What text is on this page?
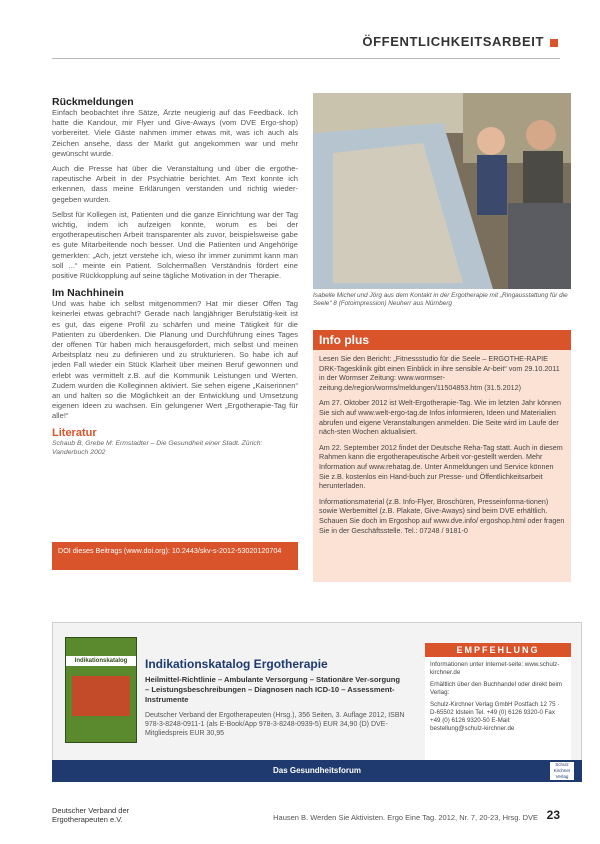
ÖFFENTLICHKEITSARBEIT
Rückmeldungen

Einfach beobachtet ihre Sätze, Ärzte neugierig auf das Feedback. Ich hatte die Kandour, mir Flyer und Give-Aways (vom DVE Ergo-shop) vorbereitet. Viele Gäste nahmen immer etwas mit, was ich auch als Zeichen ansehe, dass der Markt gut angekommen war und mehr gewünscht wurde.

Auch die Presse hat über die Veranstaltung und über die ergothe-rapeutische Arbeit in der Psychiatrie berichtet. Am Text konnte ich erkennen, dass meine Erklärungen verstanden und richtig wieder-gegeben wurden.

Selbst für Kollegen ist, Patienten und die ganze Einrichtung war der Tag wichtig, indem ich aufzeigen konnte, worum es bei der ergotherapeutischen Arbeit transparenter als zuvor, beispielsweise gabe es gute Mitarbeitende noch besser. Und die Patienten und Angehörige gemerkten: „Ach, jetzt verstehe ich, wieso ihr immer zunimmt kann man soll ...“ meinte ein Patient. Solchermaßen Verständnis fördert eine positive Rückkopplung auf seine tägliche Motivation in der Therapie.

Im Nachhinein

Und was habe ich selbst mitgenommen? Hat mir dieser Offen Tag keinerlei etwas gebracht? Gerade nach langjähriger Berufstätig-keit ist es gut, das eigene Profil zu schärfen und meine Tätigkeit für die Patienten zu überdenken. Die Planung und Durchführung eines Tages der offenen Tür haben mich herausgefordert, mich selbst und meinen Arbeitsplatz neu zu definieren und zu strukturieren. So habe ich auf jeden Fall wieder ein Stück Klarheit über meinen Beruf gewonnen und erlebt was vermittelt z.B. auf die Kommunik Leistungen und Werten. Zudem wurden die Kolleginnen aktiviert. Sie sehen eigene „Kaiserinnen“ an und halten so die Möglichkeit an der Entwicklung und Umsetzung eigenen Ideen zu wachsen. Ein gelungener Wert „Ergotherapie-Tag für alle!“

Literatur
Schaub B, Grebe M: Ermstadter – Die Gesundheit einer Stadt. Zürich: Vanderbuch 2002
DOI dieses Beitrags (www.doi.org): 10.2443/skv-s-2012-53020120704
Isabelle Michel und Jörg aus dem Kontakt in der Ergotherapie mit „Ringausstattung für die Seele“ 8 (Fotoimpression) Neuherr aus Nürnberg
Info plus

Lesen Sie den Bericht: „Fitnessstudio für die Seele – ERGOTHE-RAPIE DRK-Tagesklinik gibt einen Einblick in ihre sensible Ar-beit“ vom 29.10.2011 in der Wormser Zeitung: www.wormser-zeitung.de/region/worms/meldungen/11504853.htm (31.5.2012)

Am 27. Oktober 2012 ist Welt-Ergotherapie-Tag. Wie im letzten Jahr können Sie sich auf www.welt-ergo-tag.de Infos informieren, Ideen und Materialien abrufen und eigene Veranstaltungen anmelden. Die Seite wird im Laufe der näch-sten Wochen aktualisiert.

Am 22. September 2012 findet der Deutsche Reha-Tag statt. Auch in diesem Rahmen kann die ergotherapeutische Arbeit vor-gestellt werden. Mehr Information auf www.rehatag.de. Unter Anmeldungen und Service können Sie z.B. kostenlos ein Hand-buch zur Presse- und Öffentlichkeitsarbeit herunterladen.

Informationsmaterial (z.B. Info-Flyer, Broschüren, Presseinforma-tionen) sowie Werbemittel (z.B. Plakate, Give-Aways) sind beim DVE erhältlich. Schauen Sie doch im Ergoshop auf www.dve.info/ ergoshop.html oder fragen Sie in der Geschäftsstelle. Tel.: 07248 / 9181-0

Indikationskatalog	Indikationskatalog Ergotherapie
Heilmittel-Richtlinie – Ambulante Versorgung – Stationäre Ver-sorgung – Leistungsbeschreibungen – Diagnosen nach ICD-10 – Assessment-Instrumente
Deutscher Verband der Ergotherapeuten (Hrsg.), 356 Seiten, 3. Auflage 2012, ISBN 978-3-8248-0911-1 (als E-Book/App 978-3-8248-0939-5) EUR 34,90 (D) DVE-Mitgliedspreis EUR 30,95
EMPFEHLUNG
Informationen unter Internet-seite: www.schulz-kirchner.de
Erhältlich über den Buchhandel oder direkt beim Verlag:
Schulz-Kirchner Verlag GmbH Postfach 12 75 · D-65502 Idstein Tel. +49 (0) 6126 9320-0 Fax +49 (0) 6126 9320-50 E-Mail: bestellung@schulz-kirchner.de
Das Gesundheitsforum
Schulz Kirchner Verlag
Deutscher Verband der
Ergotherapeuten e.V.	Hausen B. Werden Sie Aktivisten. Ergo Eine Tag. 2012, Nr. 7, 20-23, Hrsg. DVE 23
